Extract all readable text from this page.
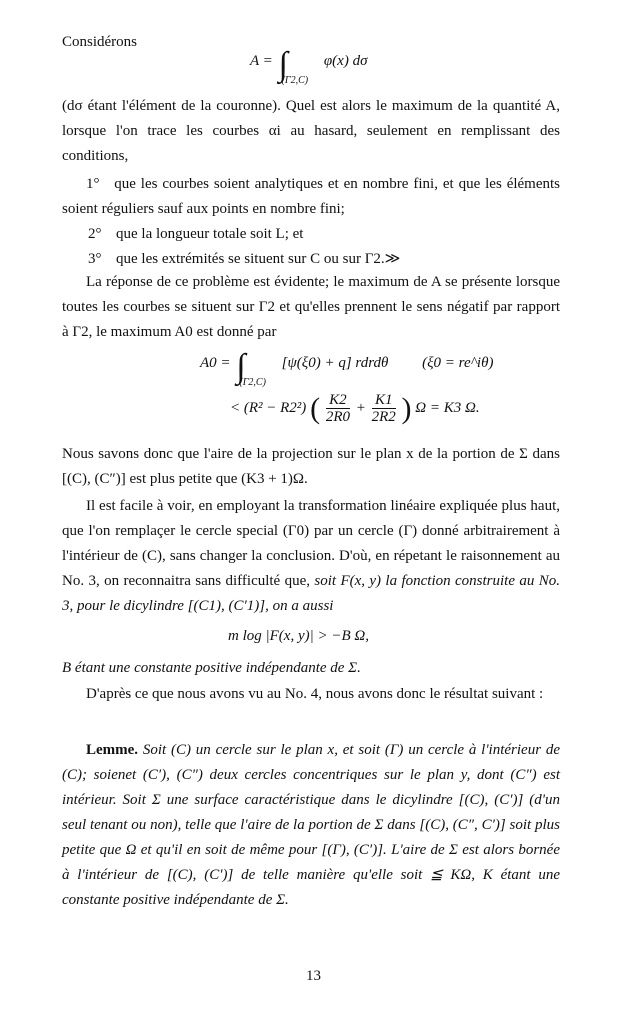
Considérons

A = ∫ $_{(\Gamma 2,C)}$ φ(x) dσ

(dσ étant l'élément de la couronne). Quel est alors le maximum de la quantité A, lorsque l'on trace les courbes αi au hasard, seulement en remplissant des conditions,

1° que les courbes soient analytiques et en nombre fini, et que les éléments soient réguliers sauf aux points en nombre fini;

2° que la longueur totale soit L; et

3° que les extrémités se situent sur C ou sur Γ2.≫

La réponse de ce problème est évidente; le maximum de A se présente lorsque toutes les courbes se situent sur Γ2 et qu'elles prennent le sens négatif par rapport à Γ2, le maximum A0 est donné par

A0 = ∫ $_{(\Gamma 2,C)}$ [ψ(ξ0) + q] rdrdθ (ξ0 = re^iθ)
< (R² − R2²) ( $\frac{K2}{2R0} + \frac{K1}{2R2}$ ) Ω = K3 Ω.

Nous savons donc que l'aire de la projection sur le plan x de la portion de Σ dans [(C), (C″)] est plus petite que (K3 + 1)Ω.

Il est facile à voir, en employant la transformation linéaire expliquée plus haut, que l'on remplaçer le cercle special (Γ0) par un cercle (Γ) donné arbitrairement à l'intérieur de (C), sans changer la conclusion. D'où, en répetant le raisonnement au No. 3, on reconnaitra sans difficulté que, soit F(x, y) la fonction construite au No. 3, pour le dicylindre [(C1), (C′1)], on a aussi

m log |F(x, y)| > −B Ω,

B étant une constante positive indépendante de Σ.

D'après ce que nous avons vu au No. 4, nous avons donc le résultat suivant :

Lemme. Soit (C) un cercle sur le plan x, et soit (Γ) un cercle à l'intérieur de (C); soienet (C′), (C″) deux cercles concentriques sur le plan y, dont (C″) est intérieur. Soit Σ une surface caractéristique dans le dicylindre [(C), (C′)] (d'un seul tenant ou non), telle que l'aire de la portion de Σ dans [(C), (C″, C′)] soit plus petite que Ω et qu'il en soit de même pour [(Γ), (C′)]. L'aire de Σ est alors bornée à l'intérieur de [(C), (C′)] de telle manière qu'elle soit ≦ KΩ, K étant une constante positive indépendante de Σ.

13
